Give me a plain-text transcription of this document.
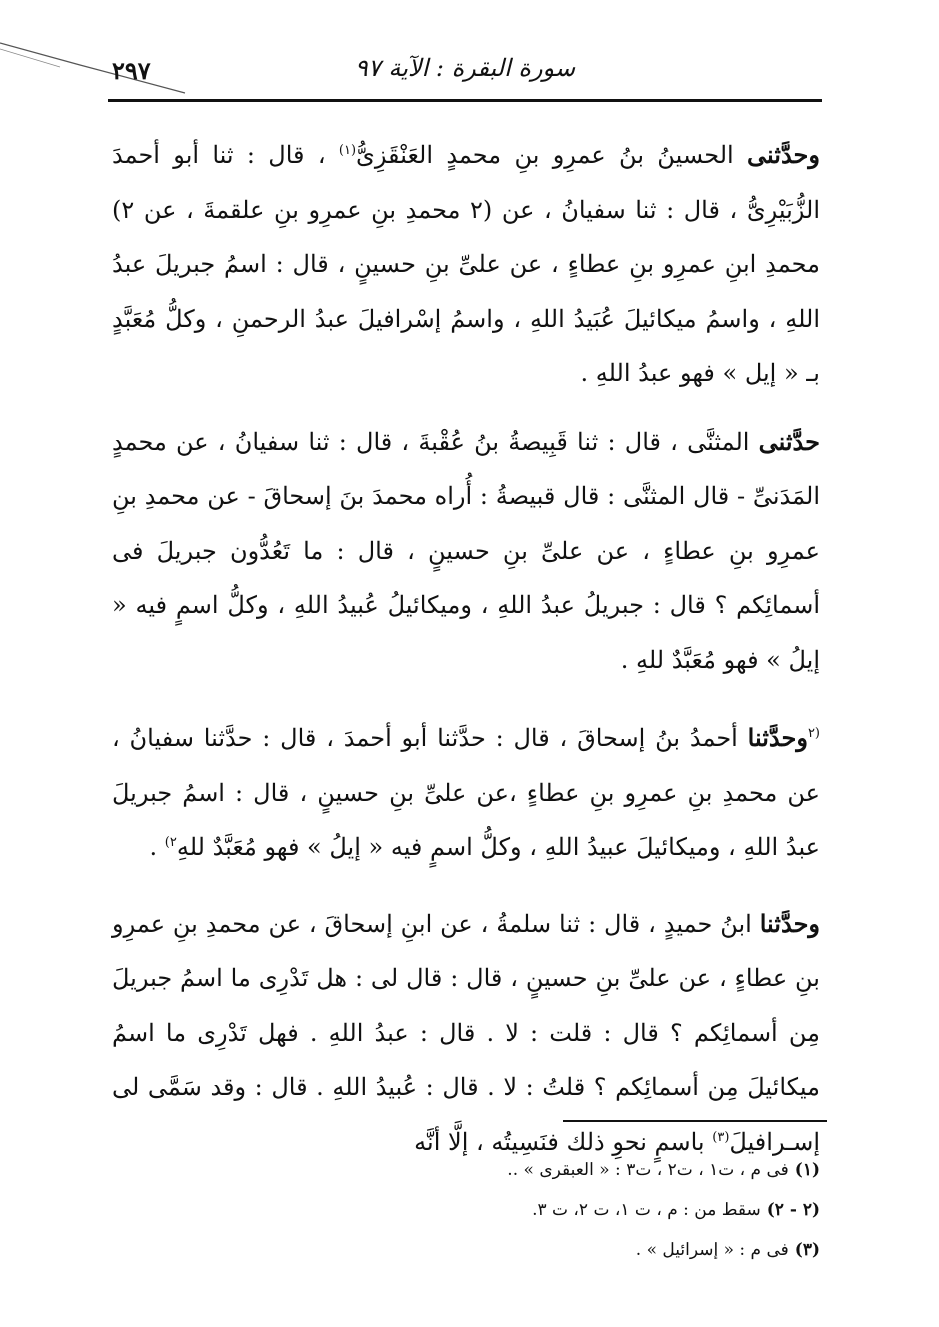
سورة البقرة : الآية ٩٧
٢٩٧

وحدَّثنى الحسينُ بنُ عمرِو بنِ محمدٍ العَنْقَزِىُّ$^{(١)}$ ، قال : ثنا أبو أحمدَ الزُّبَيْرِىُّ ، قال : ثنا سفيانُ ، عن (٢ محمدِ بنِ عمرِو بنِ علقمةَ ، عن ٢) محمدِ ابنِ عمرِو بنِ عطاءٍ ، عن علىِّ بنِ حسينٍ ، قال : اسمُ جبريلَ عبدُ اللهِ ، واسمُ ميكائيلَ عُبَيدُ اللهِ ، واسمُ إسْرافيلَ عبدُ الرحمنِ ، وكلُّ مُعَبَّدٍ بـ « إيل » فهو عبدُ اللهِ .

حدَّثنى المثنَّى ، قال : ثنا قَبِيصةُ بنُ عُقْبةَ ، قال : ثنا سفيانُ ، عن محمدٍ المَدَنىِّ - قال المثنَّى : قال قبيصةُ : أُراه محمدَ بنَ إسحاقَ - عن محمدِ بنِ عمرِو بنِ عطاءٍ ، عن علىِّ بنِ حسينٍ ، قال : ما تَعُدُّون جبريلَ فى أسمائِكم ؟ قال : جبريلُ عبدُ اللهِ ، وميكائيلُ عُبيدُ اللهِ ، وكلُّ اسمٍ فيه « إيلُ » فهو مُعَبَّدٌ للهِ .

$^{(٢}$وحدَّثنا أحمدُ بنُ إسحاقَ ، قال : حدَّثنا أبو أحمدَ ، قال : حدَّثنا سفيانُ ، عن محمدِ بنِ عمرِو بنِ عطاءٍ ،عن علىِّ بنِ حسينٍ ، قال : اسمُ جبريلَ عبدُ اللهِ ، وميكائيلَ عبيدُ اللهِ ، وكلُّ اسمٍ فيه « إيلُ » فهو مُعَبَّدٌ للهِ$^{٢)}$ .

وحدَّثنا ابنُ حميدٍ ، قال : ثنا سلمةُ ، عن ابنِ إسحاقَ ، عن محمدِ بنِ عمرِو بنِ عطاءٍ ، عن علىِّ بنِ حسينٍ ، قال : قال لى : هل تَدْرِى ما اسمُ جبريلَ مِن أسمائِكم ؟ قال : قلت : لا . قال : عبدُ اللهِ . فهل تَدْرِى ما اسمُ ميكائيلَ مِن أسمائِكم ؟ قلتُ : لا . قال : عُبيدُ اللهِ . قال : وقد سَمَّى لى إسـرافيلَ$^{(٣)}$ باسمٍ نحوِ ذلك فنَسِيتُه ، إلَّا أنَّه

(١)فى م ، ت١ ، ت٢ ، ت٣ : « العبقرى » ..

(٢ - ٢)سقط من : م ، ت ١، ت ٢، ت ٣.

(٣)فى م : « إسرائيل » .
